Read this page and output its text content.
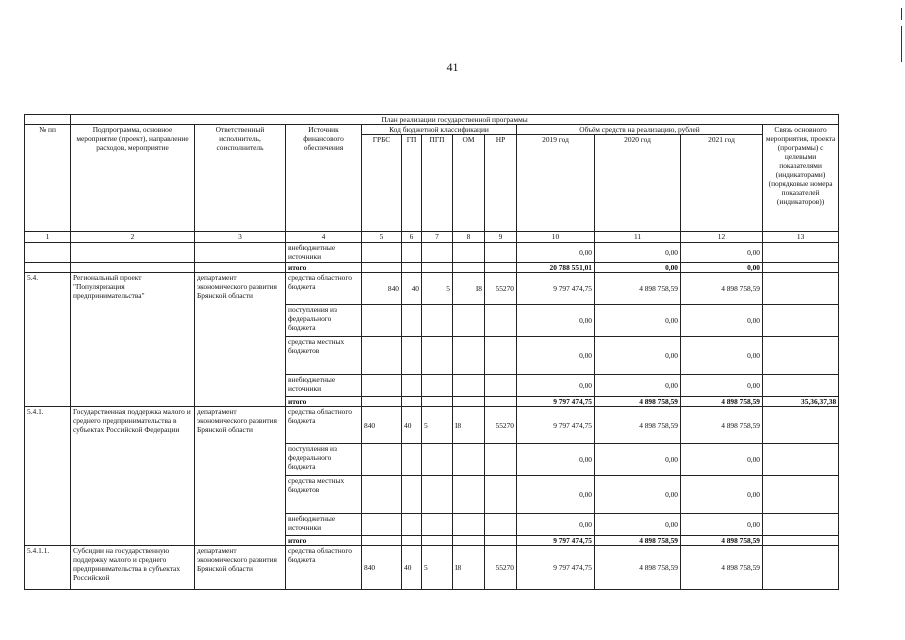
41
	План реализации государственной программы											
№ пп	Подпрограмма, основное мероприятие (проект), направление расходов, мероприятие	Ответственный исполнитель, соисполнитель	Источник финансового обеспечения	Код бюджетной классификации					Объём средств на реализацию, рублей			Связь основного мероприятия, проекта (программы) с целевыми показателями (индикаторами) (порядковые номера показателей (индикаторов))
				ГРБС	ГП	ПГП	ОМ	НР	2019 год	2020 год	2021 год	
1	2	3	4	5	6	7	8	9	10	11	12	13
			внебюджетные источники						0,00	0,00	0,00	
			итого						20 788 551,01	0,00	0,00	
5.4.	Региональный проект "Популяризация предпринимательства"	департамент экономического развития Брянской области	средства областного бюджета	840	40	5	I8	55270	9 797 474,75	4 898 758,59	4 898 758,59	
			поступления из федерального бюджета						0,00	0,00	0,00	
			средства местных бюджетов						0,00	0,00	0,00	
			внебюджетные источники						0,00	0,00	0,00	
			итого						9 797 474,75	4 898 758,59	4 898 758,59	35,36,37,38
5.4.1.	Государственная поддержка малого и среднего предпринимательства в субъектах Российской Федерации	департамент экономического развития Брянской области	средства областного бюджета	840	40	5	I8	55270	9 797 474,75	4 898 758,59	4 898 758,59	
			поступления из федерального бюджета						0,00	0,00	0,00	
			средства местных бюджетов						0,00	0,00	0,00	
			внебюджетные источники						0,00	0,00	0,00	
			итого						9 797 474,75	4 898 758,59	4 898 758,59	
5.4.1.1.	Субсидии на государственную поддержку малого и среднего предпринимательства в субъектах Российской	департамент экономического развития Брянской области	средства областного бюджета	840	40	5	I8	55270	9 797 474,75	4 898 758,59	4 898 758,59	
